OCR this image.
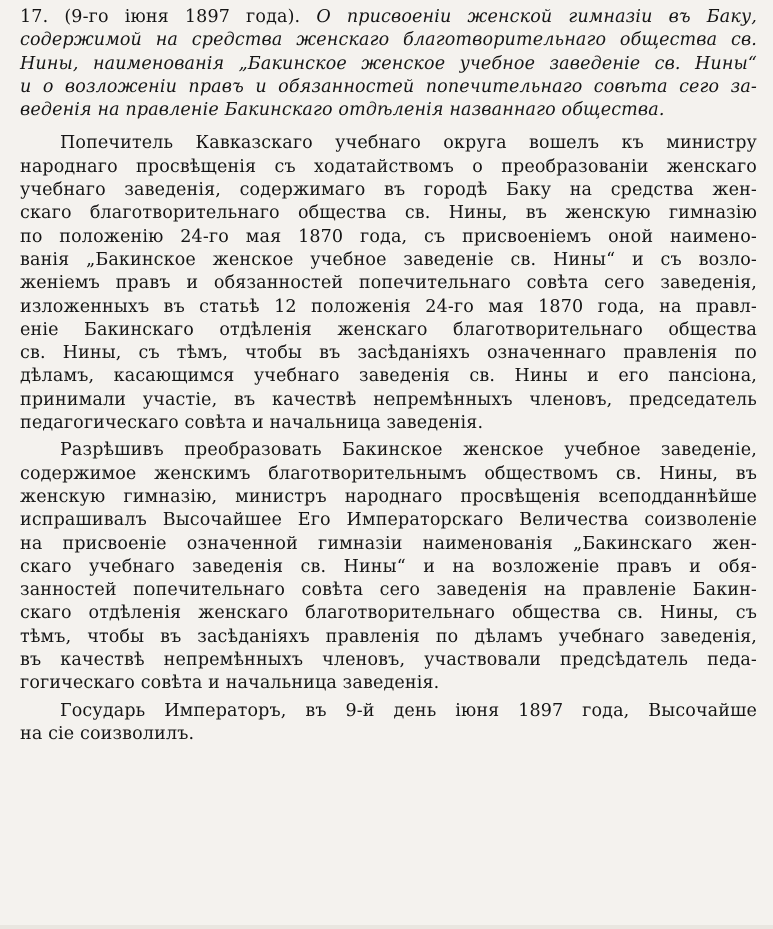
17. (9-го іюня 1897 года). О присвоеніи женской гимназіи въ Баку,
содержимой на средства женскаго благотворительнаго общества св.
Нины, наименованія „Бакинское женское учебное заведеніе св. Нины“
и о возложеніи правъ и обязанностей попечительнаго совѣта сего за-
веденія на правленіе Бакинскаго отдѣленія названнаго общества.
Попечитель Кавказскаго учебнаго округа вошелъ къ министру
народнаго просвѣщенія съ ходатайствомъ о преобразованіи женскаго
учебнаго заведенія, содержимаго въ городѣ Баку на средства жен-
скаго благотворительнаго общества св. Нины, въ женскую гимназію
по положенію 24-го мая 1870 года, съ присвоеніемъ оной наимено-
ванія „Бакинское женское учебное заведеніе св. Нины“ и съ возло-
женіемъ правъ и обязанностей попечительнаго совѣта сего заведенія,
изложенныхъ въ статьѣ 12 положенія 24-го мая 1870 года, на правл-
еніе Бакинскаго отдѣленія женскаго благотворительнаго общества
св. Нины, съ тѣмъ, чтобы въ засѣданіяхъ означеннаго правленія по
дѣламъ, касающимся учебнаго заведенія св. Нины и его пансіона,
принимали участіе, въ качествѣ непремѣнныхъ членовъ, председатель
педагогическаго совѣта и начальница заведенія.
Разрѣшивъ преобразовать Бакинское женское учебное заведеніе,
содержимое женскимъ благотворительнымъ обществомъ св. Нины, въ
женскую гимназію, министръ народнаго просвѣщенія всеподданнѣйше
испрашивалъ Высочайшее Его Императорскаго Величества соизволеніе
на присвоеніе означенной гимназіи наименованія „Бакинскаго жен-
скаго учебнаго заведенія св. Нины“ и на возложеніе правъ и обя-
занностей попечительнаго совѣта сего заведенія на правленіе Бакин-
скаго отдѣленія женскаго благотворительнаго общества св. Нины, съ
тѣмъ, чтобы въ засѣданіяхъ правленія по дѣламъ учебнаго заведенія,
въ качествѣ непремѣнныхъ членовъ, участвовали предсѣдатель педа-
гогическаго совѣта и начальница заведенія.
Государь Императоръ, въ 9-й день іюня 1897 года, Высочайше
на сіе соизволилъ.
